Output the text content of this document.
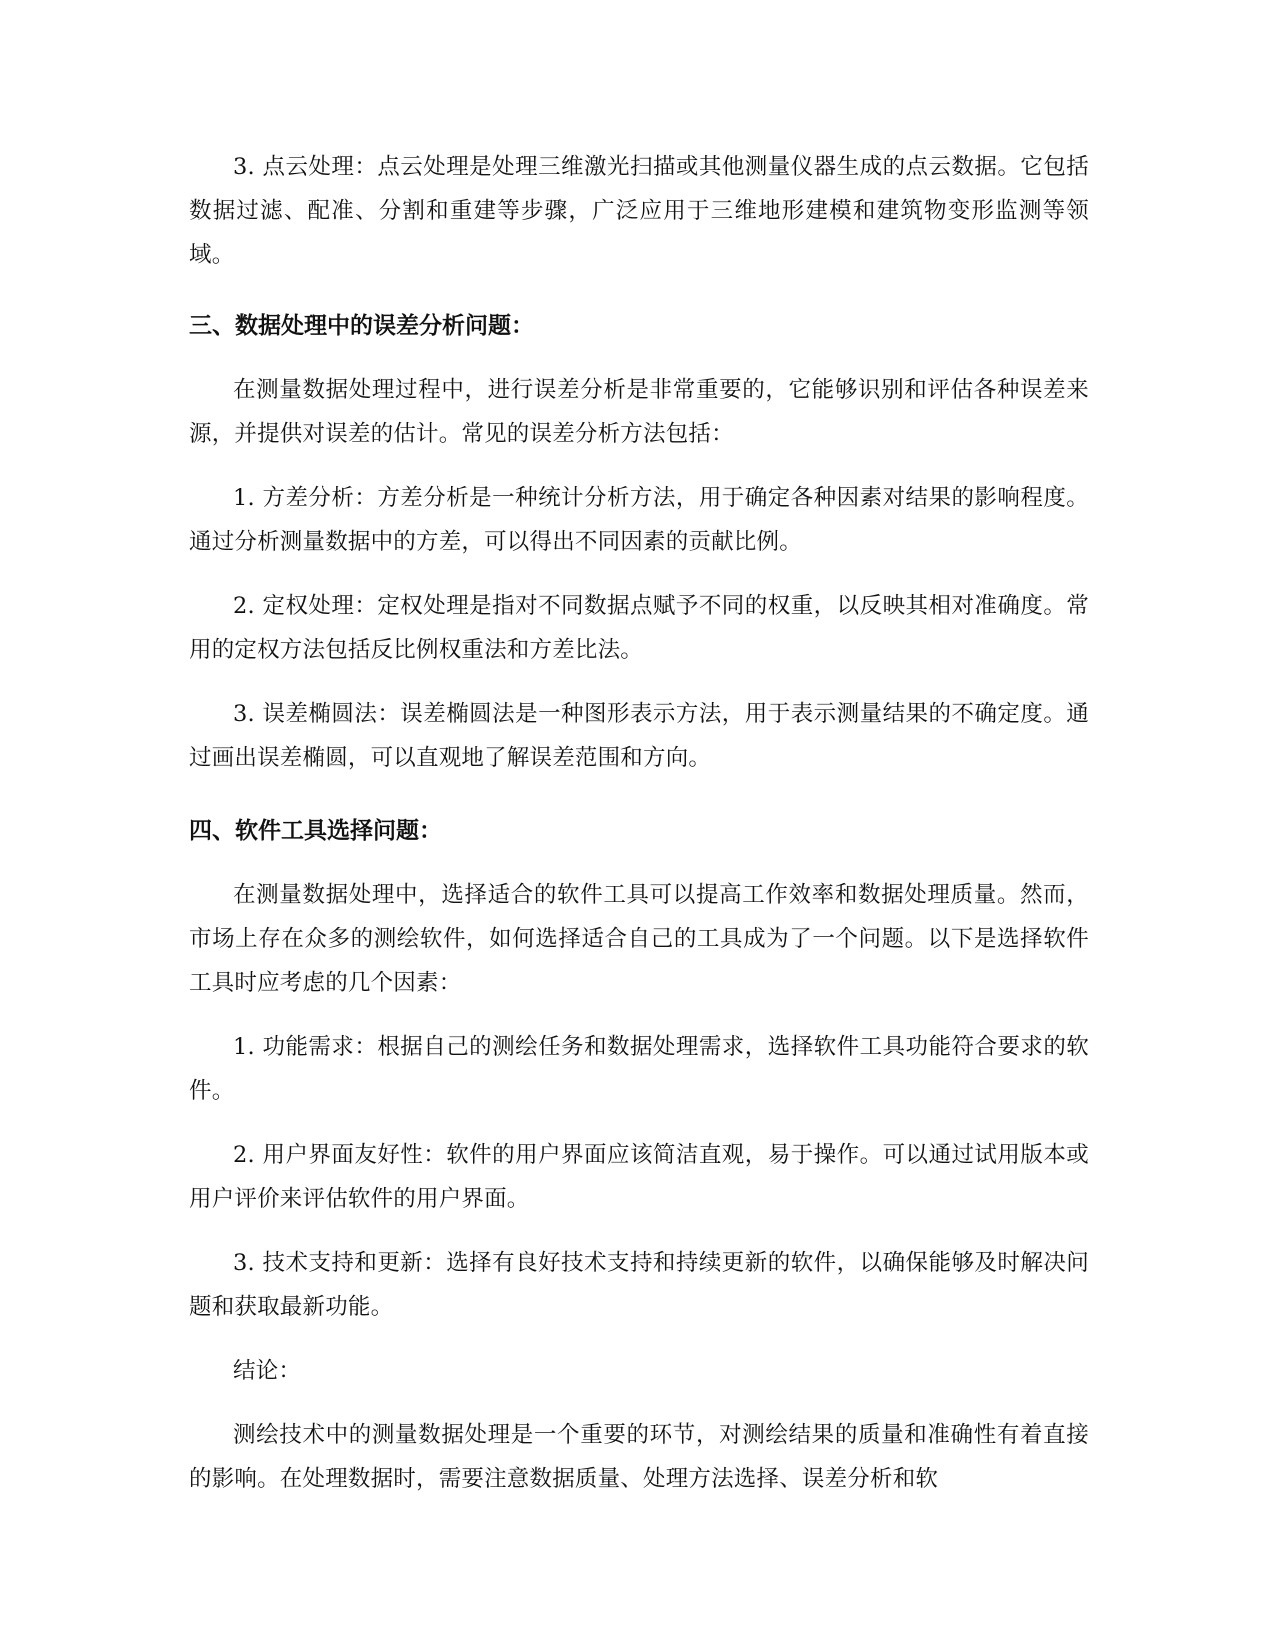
3. 点云处理：点云处理是处理三维激光扫描或其他测量仪器生成的点云数据。它包括数据过滤、配准、分割和重建等步骤，广泛应用于三维地形建模和建筑物变形监测等领域。

三、数据处理中的误差分析问题：

在测量数据处理过程中，进行误差分析是非常重要的，它能够识别和评估各种误差来源，并提供对误差的估计。常见的误差分析方法包括：

1. 方差分析：方差分析是一种统计分析方法，用于确定各种因素对结果的影响程度。通过分析测量数据中的方差，可以得出不同因素的贡献比例。

2. 定权处理：定权处理是指对不同数据点赋予不同的权重，以反映其相对准确度。常用的定权方法包括反比例权重法和方差比法。

3. 误差椭圆法：误差椭圆法是一种图形表示方法，用于表示测量结果的不确定度。通过画出误差椭圆，可以直观地了解误差范围和方向。

四、软件工具选择问题：

在测量数据处理中，选择适合的软件工具可以提高工作效率和数据处理质量。然而，市场上存在众多的测绘软件，如何选择适合自己的工具成为了一个问题。以下是选择软件工具时应考虑的几个因素：

1. 功能需求：根据自己的测绘任务和数据处理需求，选择软件工具功能符合要求的软件。

2. 用户界面友好性：软件的用户界面应该简洁直观，易于操作。可以通过试用版本或用户评价来评估软件的用户界面。

3. 技术支持和更新：选择有良好技术支持和持续更新的软件，以确保能够及时解决问题和获取最新功能。

结论：

测绘技术中的测量数据处理是一个重要的环节，对测绘结果的质量和准确性有着直接的影响。在处理数据时，需要注意数据质量、处理方法选择、误差分析和软
